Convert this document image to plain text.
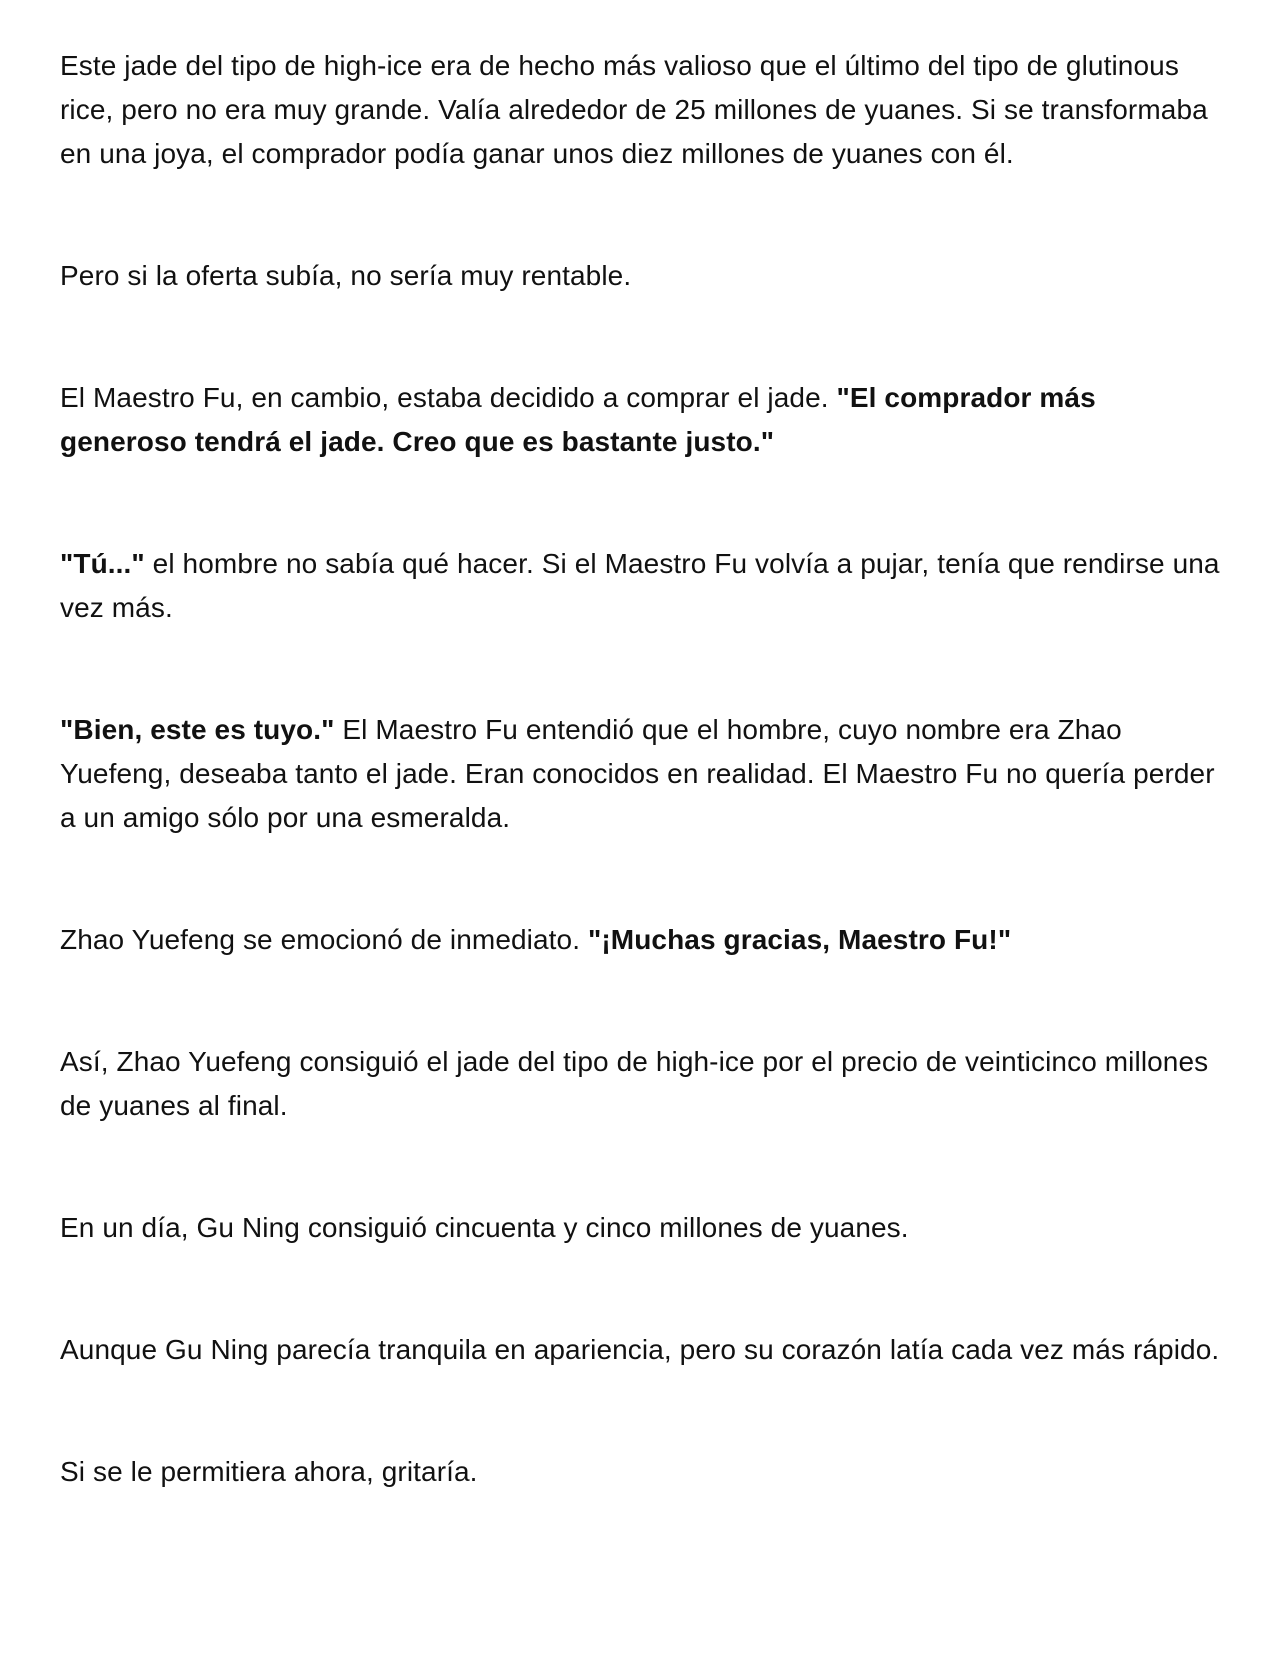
Este jade del tipo de high-ice era de hecho más valioso que el último del tipo de glutinous rice, pero no era muy grande. Valía alrededor de 25 millones de yuanes. Si se transformaba en una joya, el comprador podía ganar unos diez millones de yuanes con él.

Pero si la oferta subía, no sería muy rentable.

El Maestro Fu, en cambio, estaba decidido a comprar el jade. "El comprador más generoso tendrá el jade. Creo que es bastante justo."

"Tú..." el hombre no sabía qué hacer. Si el Maestro Fu volvía a pujar, tenía que rendirse una vez más.

"Bien, este es tuyo." El Maestro Fu entendió que el hombre, cuyo nombre era Zhao Yuefeng, deseaba tanto el jade. Eran conocidos en realidad. El Maestro Fu no quería perder a un amigo sólo por una esmeralda.

Zhao Yuefeng se emocionó de inmediato. "¡Muchas gracias, Maestro Fu!"

Así, Zhao Yuefeng consiguió el jade del tipo de high-ice por el precio de veinticinco millones de yuanes al final.

En un día, Gu Ning consiguió cincuenta y cinco millones de yuanes.

Aunque Gu Ning parecía tranquila en apariencia, pero su corazón latía cada vez más rápido.

Si se le permitiera ahora, gritaría.
